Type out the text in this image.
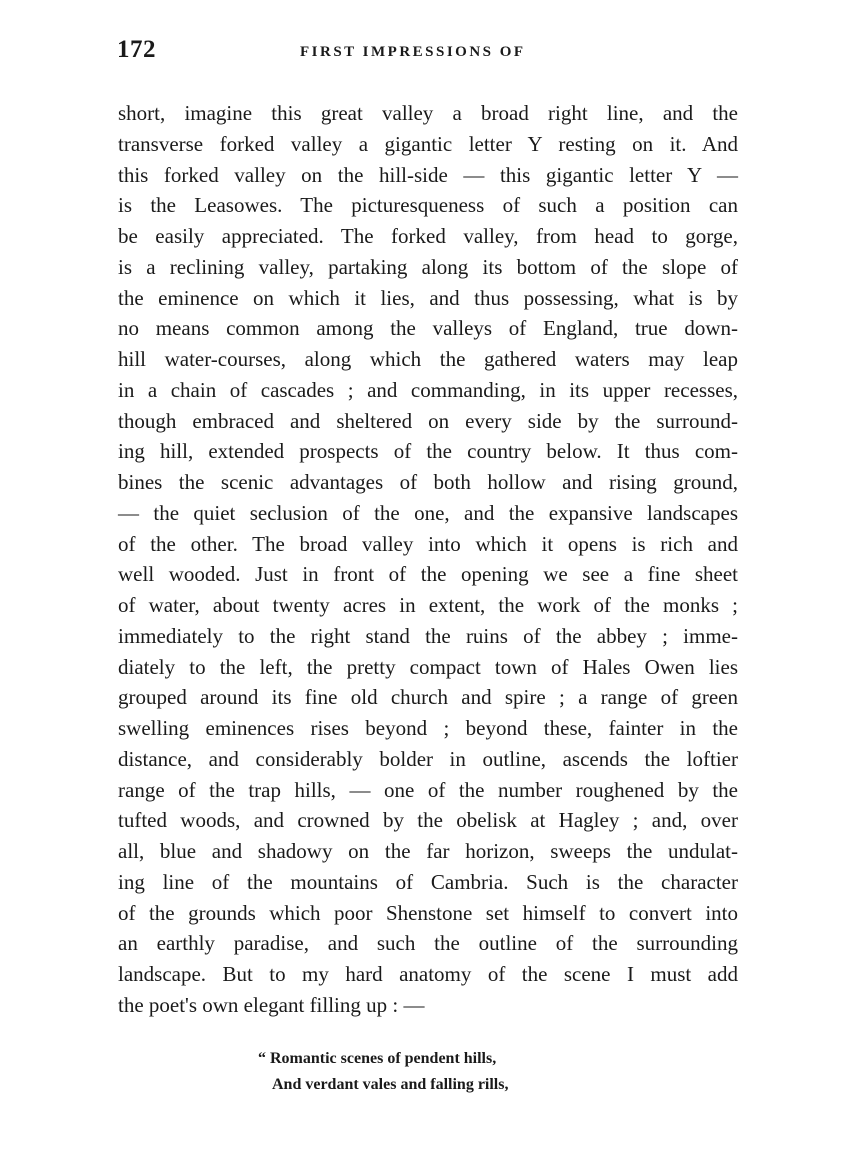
172	FIRST IMPRESSIONS OF
short, imagine this great valley a broad right line, and the
transverse forked valley a gigantic letter Y resting on it. And
this forked valley on the hill-side — this gigantic letter Y —
is the Leasowes. The picturesqueness of such a position can
be easily appreciated. The forked valley, from head to gorge,
is a reclining valley, partaking along its bottom of the slope of
the eminence on which it lies, and thus possessing, what is by
no means common among the valleys of England, true down-
hill water-courses, along which the gathered waters may leap
in a chain of cascades ; and commanding, in its upper recesses,
though embraced and sheltered on every side by the surround-
ing hill, extended prospects of the country below. It thus com-
bines the scenic advantages of both hollow and rising ground,
— the quiet seclusion of the one, and the expansive landscapes
of the other. The broad valley into which it opens is rich and
well wooded. Just in front of the opening we see a fine sheet
of water, about twenty acres in extent, the work of the monks ;
immediately to the right stand the ruins of the abbey ; imme-
diately to the left, the pretty compact town of Hales Owen lies
grouped around its fine old church and spire ; a range of green
swelling eminences rises beyond ; beyond these, fainter in the
distance, and considerably bolder in outline, ascends the loftier
range of the trap hills, — one of the number roughened by the
tufted woods, and crowned by the obelisk at Hagley ; and, over
all, blue and shadowy on the far horizon, sweeps the undulat-
ing line of the mountains of Cambria. Such is the character
of the grounds which poor Shenstone set himself to convert into
an earthly paradise, and such the outline of the surrounding
landscape. But to my hard anatomy of the scene I must add
the poet's own elegant filling up : —
“ Romantic scenes of pendent hills,
And verdant vales and falling rills,
